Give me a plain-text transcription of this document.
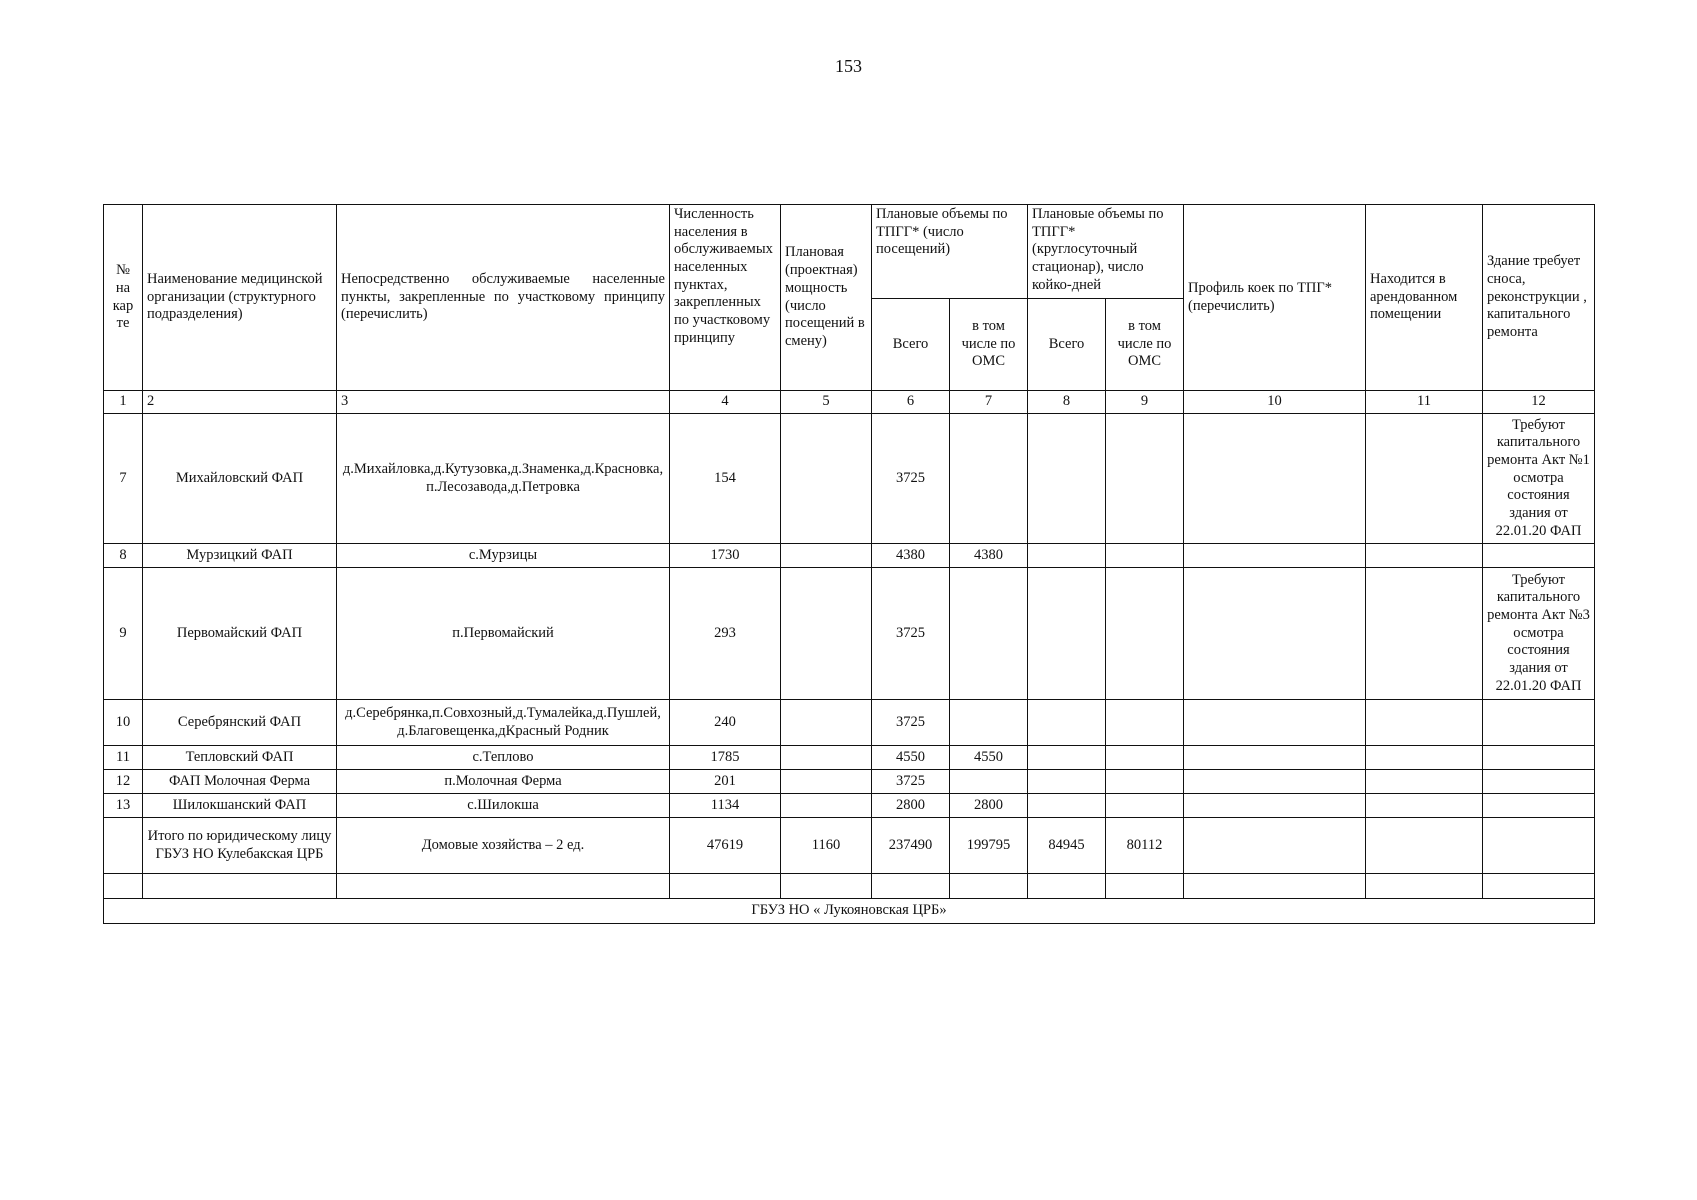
153
№ на кар те	Наименование медицинской организации (структурного подразделения)	Непосредственно обслуживаемые населенные пункты, закрепленные по участковому принципу (перечислить)	Численность населения в обслуживаемых населенных пунктах, закрепленных по участковому принципу	Плановая (проектная) мощность (число посещений в смену)	Плановые объемы по ТПГГ* (число посещений)		Плановые объемы по ТПГГ* (круглосуточный стационар), число койко-дней		Профиль коек по ТПГ* (перечислить)	Находится в арендованном помещении	Здание требует сноса, реконструкции , капитального ремонта
					Всего	в том числе по ОМС	Всего	в том числе по ОМС			
1	2	3	4	5	6	7	8	9	10	11	12
7	Михайловский ФАП	д.Михайловка,д.Кутузовка,д.Знаменка,д.Красновка,п.Лесозавода,д.Петровка	154		3725						Требуют капитального ремонта Акт №1 осмотра состояния здания от 22.01.20 ФАП
8	Мурзицкий ФАП	с.Мурзицы	1730		4380	4380					
9	Первомайский ФАП	п.Первомайский	293		3725						Требуют капитального ремонта Акт №3 осмотра состояния здания от 22.01.20 ФАП
10	Серебрянский ФАП	д.Серебрянка,п.Совхозный,д.Тумалейка,д.Пушлей,д.Благовещенка,дКрасный Родник	240		3725						
11	Тепловский ФАП	с.Теплово	1785		4550	4550					
12	ФАП Молочная Ферма	п.Молочная Ферма	201		3725						
13	Шилокшанский ФАП	с.Шилокша	1134		2800	2800					
	Итого по юридическому лицу ГБУЗ НО Кулебакская ЦРБ	Домовые хозяйства – 2 ед.	47619	1160	237490	199795	84945	80112			

ГБУЗ НО « Лукояновская ЦРБ»											
